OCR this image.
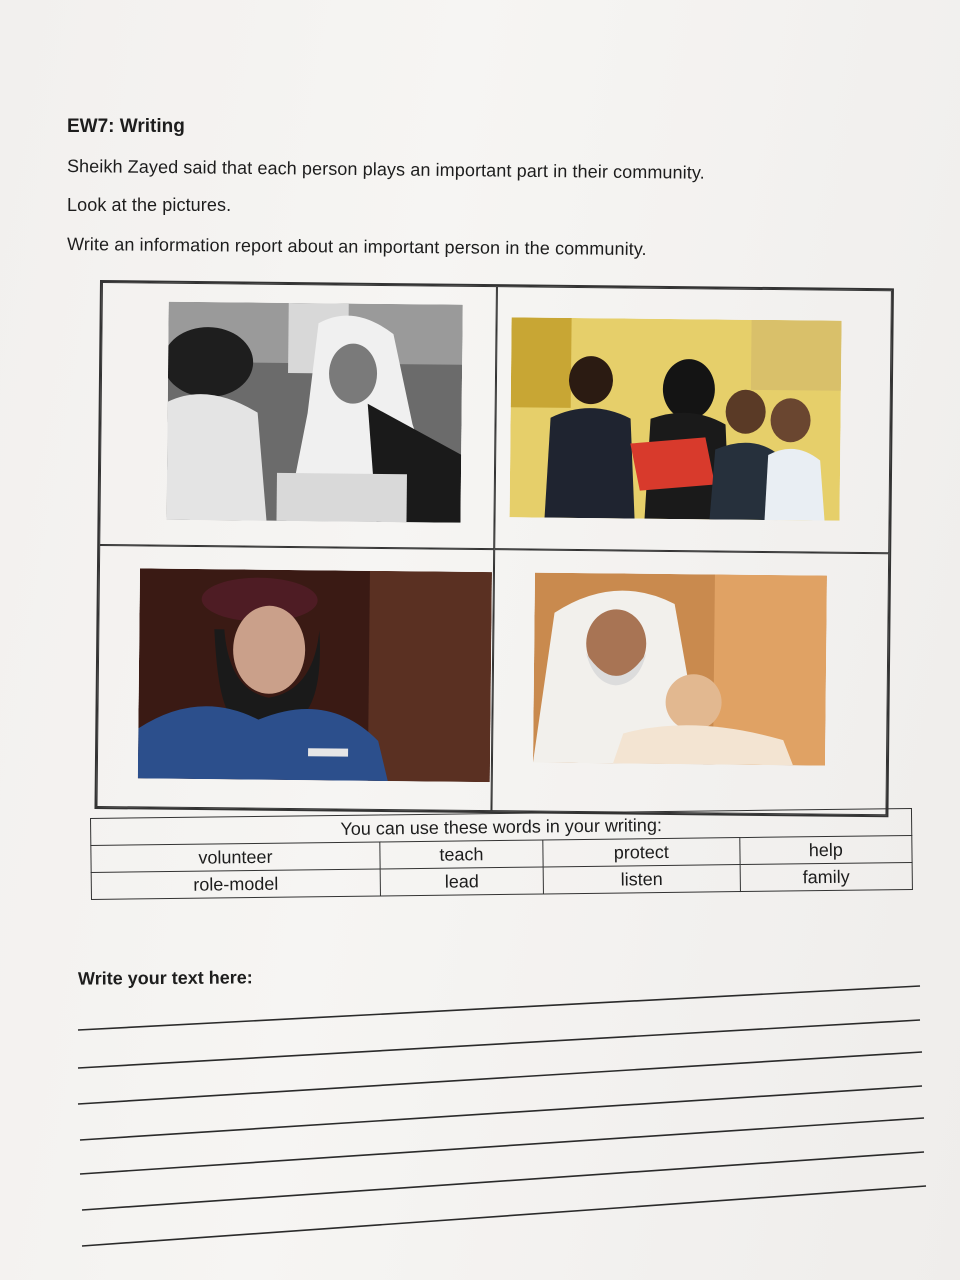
EW7: Writing

Sheikh Zayed said that each person plays an important part in their community.

Look at the pictures.

Write an information report about an important person in the community.

You can use these words in your writing:			
volunteer	teach	protect	help
role-model	lead	listen	family
Write your text here:
